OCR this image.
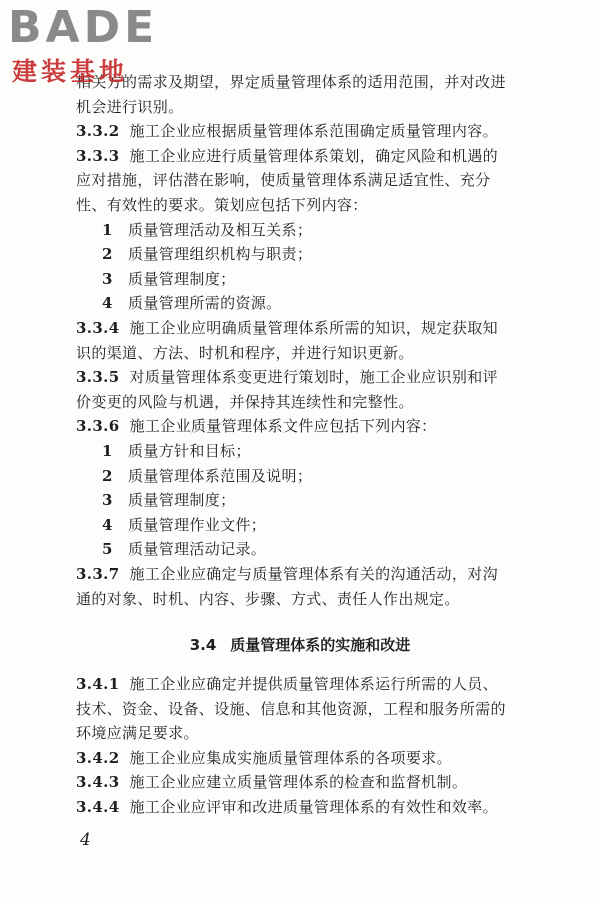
BADE
建装基地
相关方的需求及期望，界定质量管理体系的适用范围，并对改进
机会进行识别。
3.3.2 施工企业应根据质量管理体系范围确定质量管理内容。
3.3.3 施工企业应进行质量管理体系策划，确定风险和机遇的
应对措施，评估潜在影响，使质量管理体系满足适宜性、充分
性、有效性的要求。策划应包括下列内容：
1 质量管理活动及相互关系；
2 质量管理组织机构与职责；
3 质量管理制度；
4 质量管理所需的资源。
3.3.4 施工企业应明确质量管理体系所需的知识，规定获取知
识的渠道、方法、时机和程序，并进行知识更新。
3.3.5 对质量管理体系变更进行策划时，施工企业应识别和评
价变更的风险与机遇，并保持其连续性和完整性。
3.3.6 施工企业质量管理体系文件应包括下列内容：
1 质量方针和目标；
2 质量管理体系范围及说明；
3 质量管理制度；
4 质量管理作业文件；
5 质量管理活动记录。
3.3.7 施工企业应确定与质量管理体系有关的沟通活动，对沟
通的对象、时机、内容、步骤、方式、责任人作出规定。
3.4 质量管理体系的实施和改进
3.4.1 施工企业应确定并提供质量管理体系运行所需的人员、
技术、资金、设备、设施、信息和其他资源，工程和服务所需的
环境应满足要求。
3.4.2 施工企业应集成实施质量管理体系的各项要求。
3.4.3 施工企业应建立质量管理体系的检查和监督机制。
3.4.4 施工企业应评审和改进质量管理体系的有效性和效率。
4
